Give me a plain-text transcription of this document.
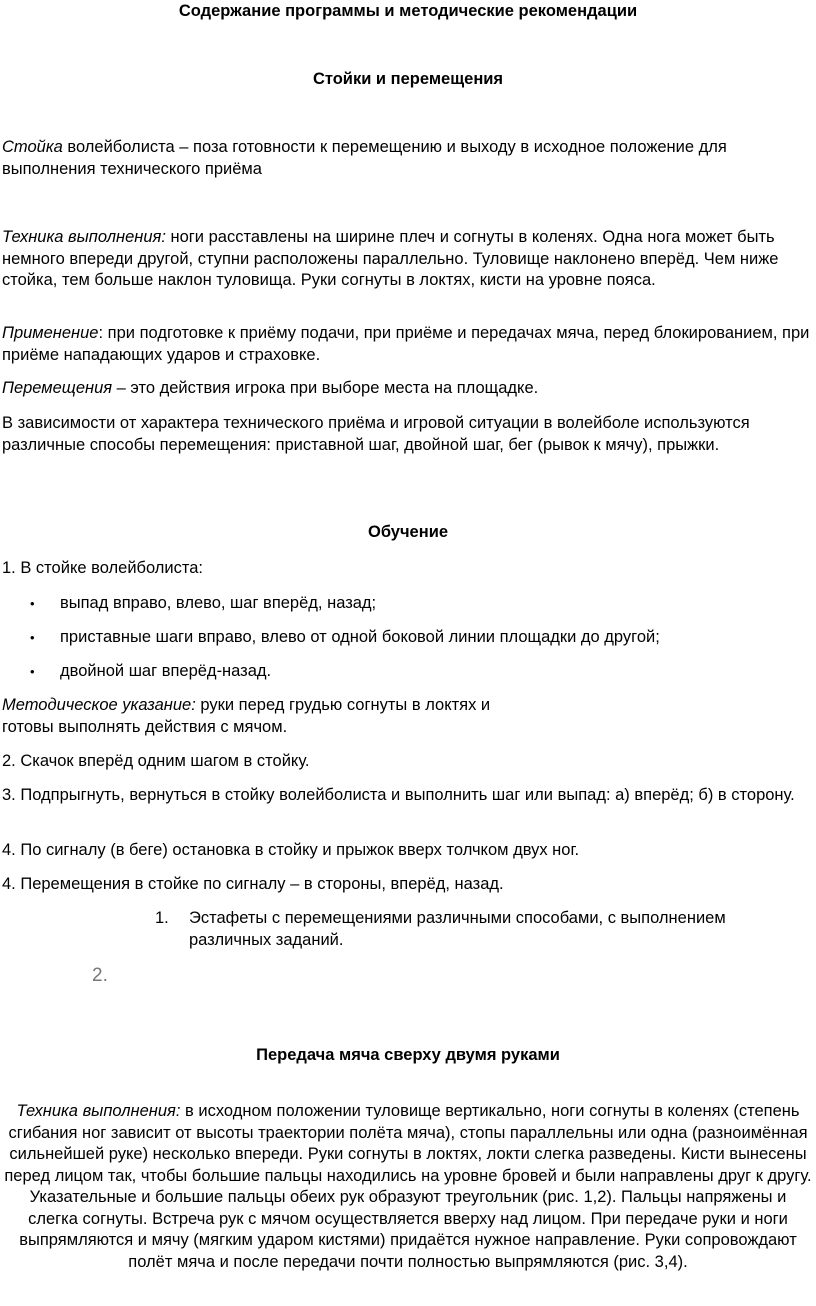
Содержание программы и методические рекомендации

Стойки и перемещения

Стойка волейболиста – поза готовности к перемещению и выходу в исходное положение для выполнения технического приёма

Техника выполнения: ноги расставлены на ширине плеч и согнуты в коленях. Одна нога может быть немного впереди другой, ступни расположены параллельно. Туловище наклонено вперёд. Чем ниже стойка, тем больше наклон туловища. Руки согнуты в локтях, кисти на уровне пояса.

Применение: при подготовке к приёму подачи, при приёме и передачах мяча, перед блокированием, при приёме нападающих ударов и страховке.

Перемещения – это действия игрока при выборе места на площадке.

В зависимости от характера технического приёма и игровой ситуации в волейболе используются различные способы перемещения: приставной шаг, двойной шаг, бег (рывок к мячу), прыжки.

Обучение

1. В стойке волейболиста:

• выпад вправо, влево, шаг вперёд, назад;
• приставные шаги вправо, влево от одной боковой линии площадки до другой;
• двойной шаг вперёд-назад.

Методическое указание: руки перед грудью согнуты в локтях и
готовы выполнять действия с мячом.

2. Скачок вперёд одним шагом в стойку.

3. Подпрыгнуть, вернуться в стойку волейболиста и выполнить шаг или выпад: а) вперёд; б) в сторону.

4. По сигналу (в беге) остановка в стойку и прыжок вверх толчком двух ног.

4. Перемещения в стойке по сигналу – в стороны, вперёд, назад.

1. Эстафеты с перемещениями различными способами, с выполнением различных заданий.

2.

Передача мяча сверху двумя руками

Техника выполнения: в исходном положении туловище вертикально, ноги согнуты в коленях (степень сгибания ног зависит от высоты траектории полёта мяча), стопы параллельны или одна (разноимённая сильнейшей руке) несколько впереди. Руки согнуты в локтях, локти слегка разведены. Кисти вынесены перед лицом так, чтобы большие пальцы находились на уровне бровей и были направлены друг к другу. Указательные и большие пальцы обеих рук образуют треугольник (рис. 1,2). Пальцы напряжены и слегка согнуты. Встреча рук с мячом осуществляется вверху над лицом. При передаче руки и ноги выпрямляются и мячу (мягким ударом кистями) придаётся нужное направление. Руки сопровождают полёт мяча и после передачи почти полностью выпрямляются (рис. 3,4).
